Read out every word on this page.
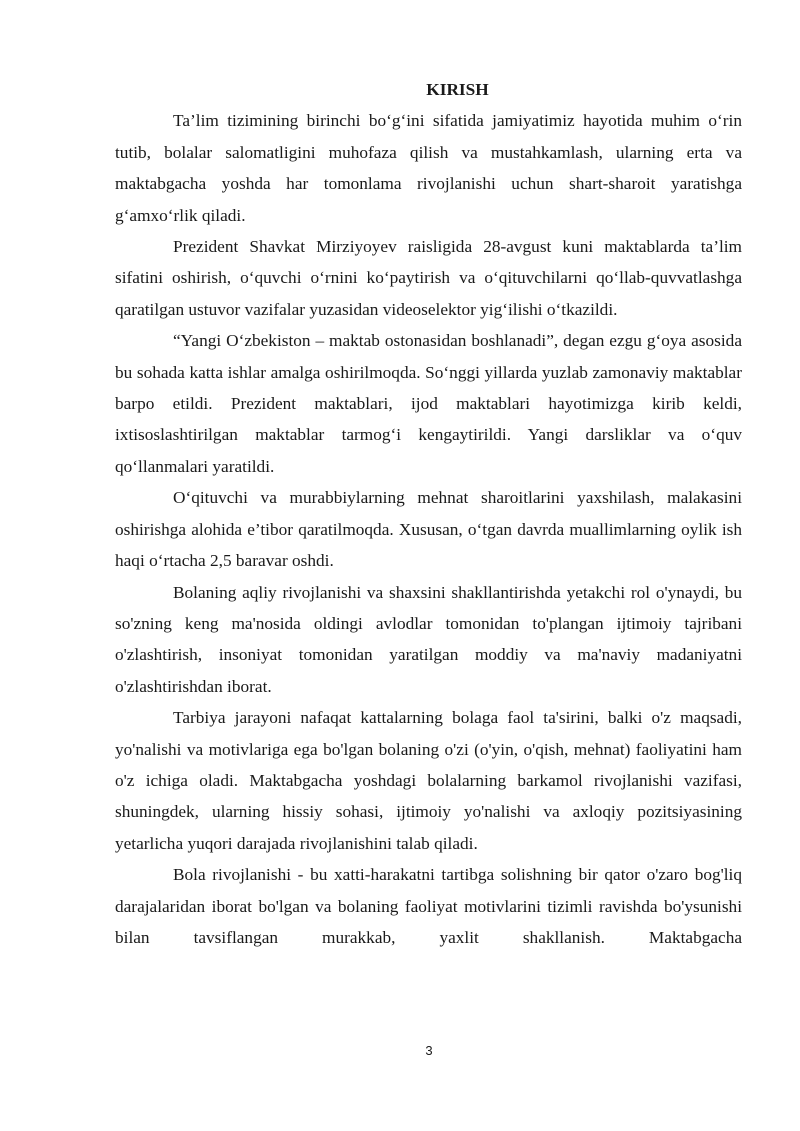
KIRISH

Ta’lim tizimining birinchi bo‘g‘ini sifatida jamiyatimiz hayotida muhim o‘rin tutib, bolalar salomatligini muhofaza qilish va mustahkamlash, ularning erta va maktabgacha yoshda har tomonlama rivojlanishi uchun shart-sharoit yaratishga g‘amxo‘rlik qiladi.

Prezident Shavkat Mirziyoyev raisligida 28-avgust kuni maktablarda ta’lim sifatini oshirish, o‘quvchi o‘rnini ko‘paytirish va o‘qituvchilarni qo‘llab-quvvatlashga qaratilgan ustuvor vazifalar yuzasidan videoselektor yig‘ilishi o‘tkazildi.

“Yangi O‘zbekiston – maktab ostonasidan boshlanadi”, degan ezgu g‘oya asosida bu sohada katta ishlar amalga oshirilmoqda. So‘nggi yillarda yuzlab zamonaviy maktablar barpo etildi. Prezident maktablari, ijod maktablari hayotimizga kirib keldi, ixtisoslashtirilgan maktablar tarmog‘i kengaytirildi. Yangi darsliklar va o‘quv qo‘llanmalari yaratildi.

O‘qituvchi va murabbiylarning mehnat sharoitlarini yaxshilash, malakasini oshirishga alohida e’tibor qaratilmoqda. Xususan, o‘tgan davrda muallimlarning oylik ish haqi o‘rtacha 2,5 baravar oshdi.

Bolaning aqliy rivojlanishi va shaxsini shakllantirishda yetakchi rol o'ynaydi, bu so'zning keng ma'nosida oldingi avlodlar tomonidan to'plangan ijtimoiy tajribani o'zlashtirish, insoniyat tomonidan yaratilgan moddiy va ma'naviy madaniyatni o'zlashtirishdan iborat.

Tarbiya jarayoni nafaqat kattalarning bolaga faol ta'sirini, balki o'z maqsadi, yo'nalishi va motivlariga ega bo'lgan bolaning o'zi (o'yin, o'qish, mehnat) faoliyatini ham o'z ichiga oladi. Maktabgacha yoshdagi bolalarning barkamol rivojlanishi vazifasi, shuningdek, ularning hissiy sohasi, ijtimoiy yo'nalishi va axloqiy pozitsiyasining yetarlicha yuqori darajada rivojlanishini talab qiladi.

Bola rivojlanishi - bu xatti-harakatni tartibga solishning bir qator o'zaro bog'liq darajalaridan iborat bo'lgan va bolaning faoliyat motivlarini tizimli ravishda bo'ysunishi bilan tavsiflangan murakkab, yaxlit shakllanish. Maktabgacha

3
